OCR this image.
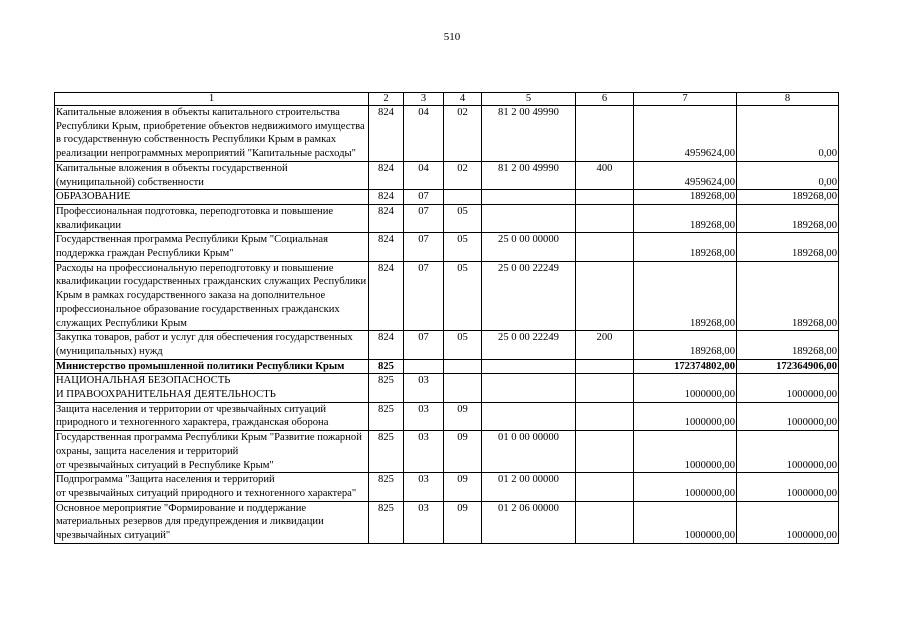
510
1	2	3	4	5	6	7	8
Капитальные вложения в объекты капитального строительства Республики Крым, приобретение объектов недвижимого имущества в государственную собственность Республики Крым в рамках реализации непрограммных мероприятий "Капитальные расходы"	824	04	02	81 2 00 49990		4959624,00	0,00
Капитальные вложения в объекты государственной (муниципальной) собственности	824	04	02	81 2 00 49990	400	4959624,00	0,00
ОБРАЗОВАНИЕ	824	07				189268,00	189268,00
Профессиональная подготовка, переподготовка и повышение квалификации	824	07	05			189268,00	189268,00
Государственная программа Республики Крым "Социальная поддержка граждан Республики Крым"	824	07	05	25 0 00 00000		189268,00	189268,00
Расходы на профессиональную переподготовку и повышение квалификации государственных гражданских служащих Республики Крым в рамках государственного заказа на дополнительное профессиональное образование государственных гражданских служащих Республики Крым	824	07	05	25 0 00 22249		189268,00	189268,00
Закупка товаров, работ и услуг для обеспечения государственных (муниципальных) нужд	824	07	05	25 0 00 22249	200	189268,00	189268,00
Министерство промышленной политики Республики Крым	825					172374802,00	172364906,00
НАЦИОНАЛЬНАЯ БЕЗОПАСНОСТЬ
И ПРАВООХРАНИТЕЛЬНАЯ ДЕЯТЕЛЬНОСТЬ	825	03				1000000,00	1000000,00
Защита населения и территории от чрезвычайных ситуаций природного и техногенного характера, гражданская оборона	825	03	09			1000000,00	1000000,00
Государственная программа Республики Крым "Развитие пожарной охраны, защита населения и территорий
от чрезвычайных ситуаций в Республике Крым"	825	03	09	01 0 00 00000		1000000,00	1000000,00
Подпрограмма "Защита населения и территорий
от чрезвычайных ситуаций природного и техногенного характера"	825	03	09	01 2 00 00000		1000000,00	1000000,00
Основное мероприятие "Формирование и поддержание материальных резервов для предупреждения и ликвидации чрезвычайных ситуаций"	825	03	09	01 2 06 00000		1000000,00	1000000,00
